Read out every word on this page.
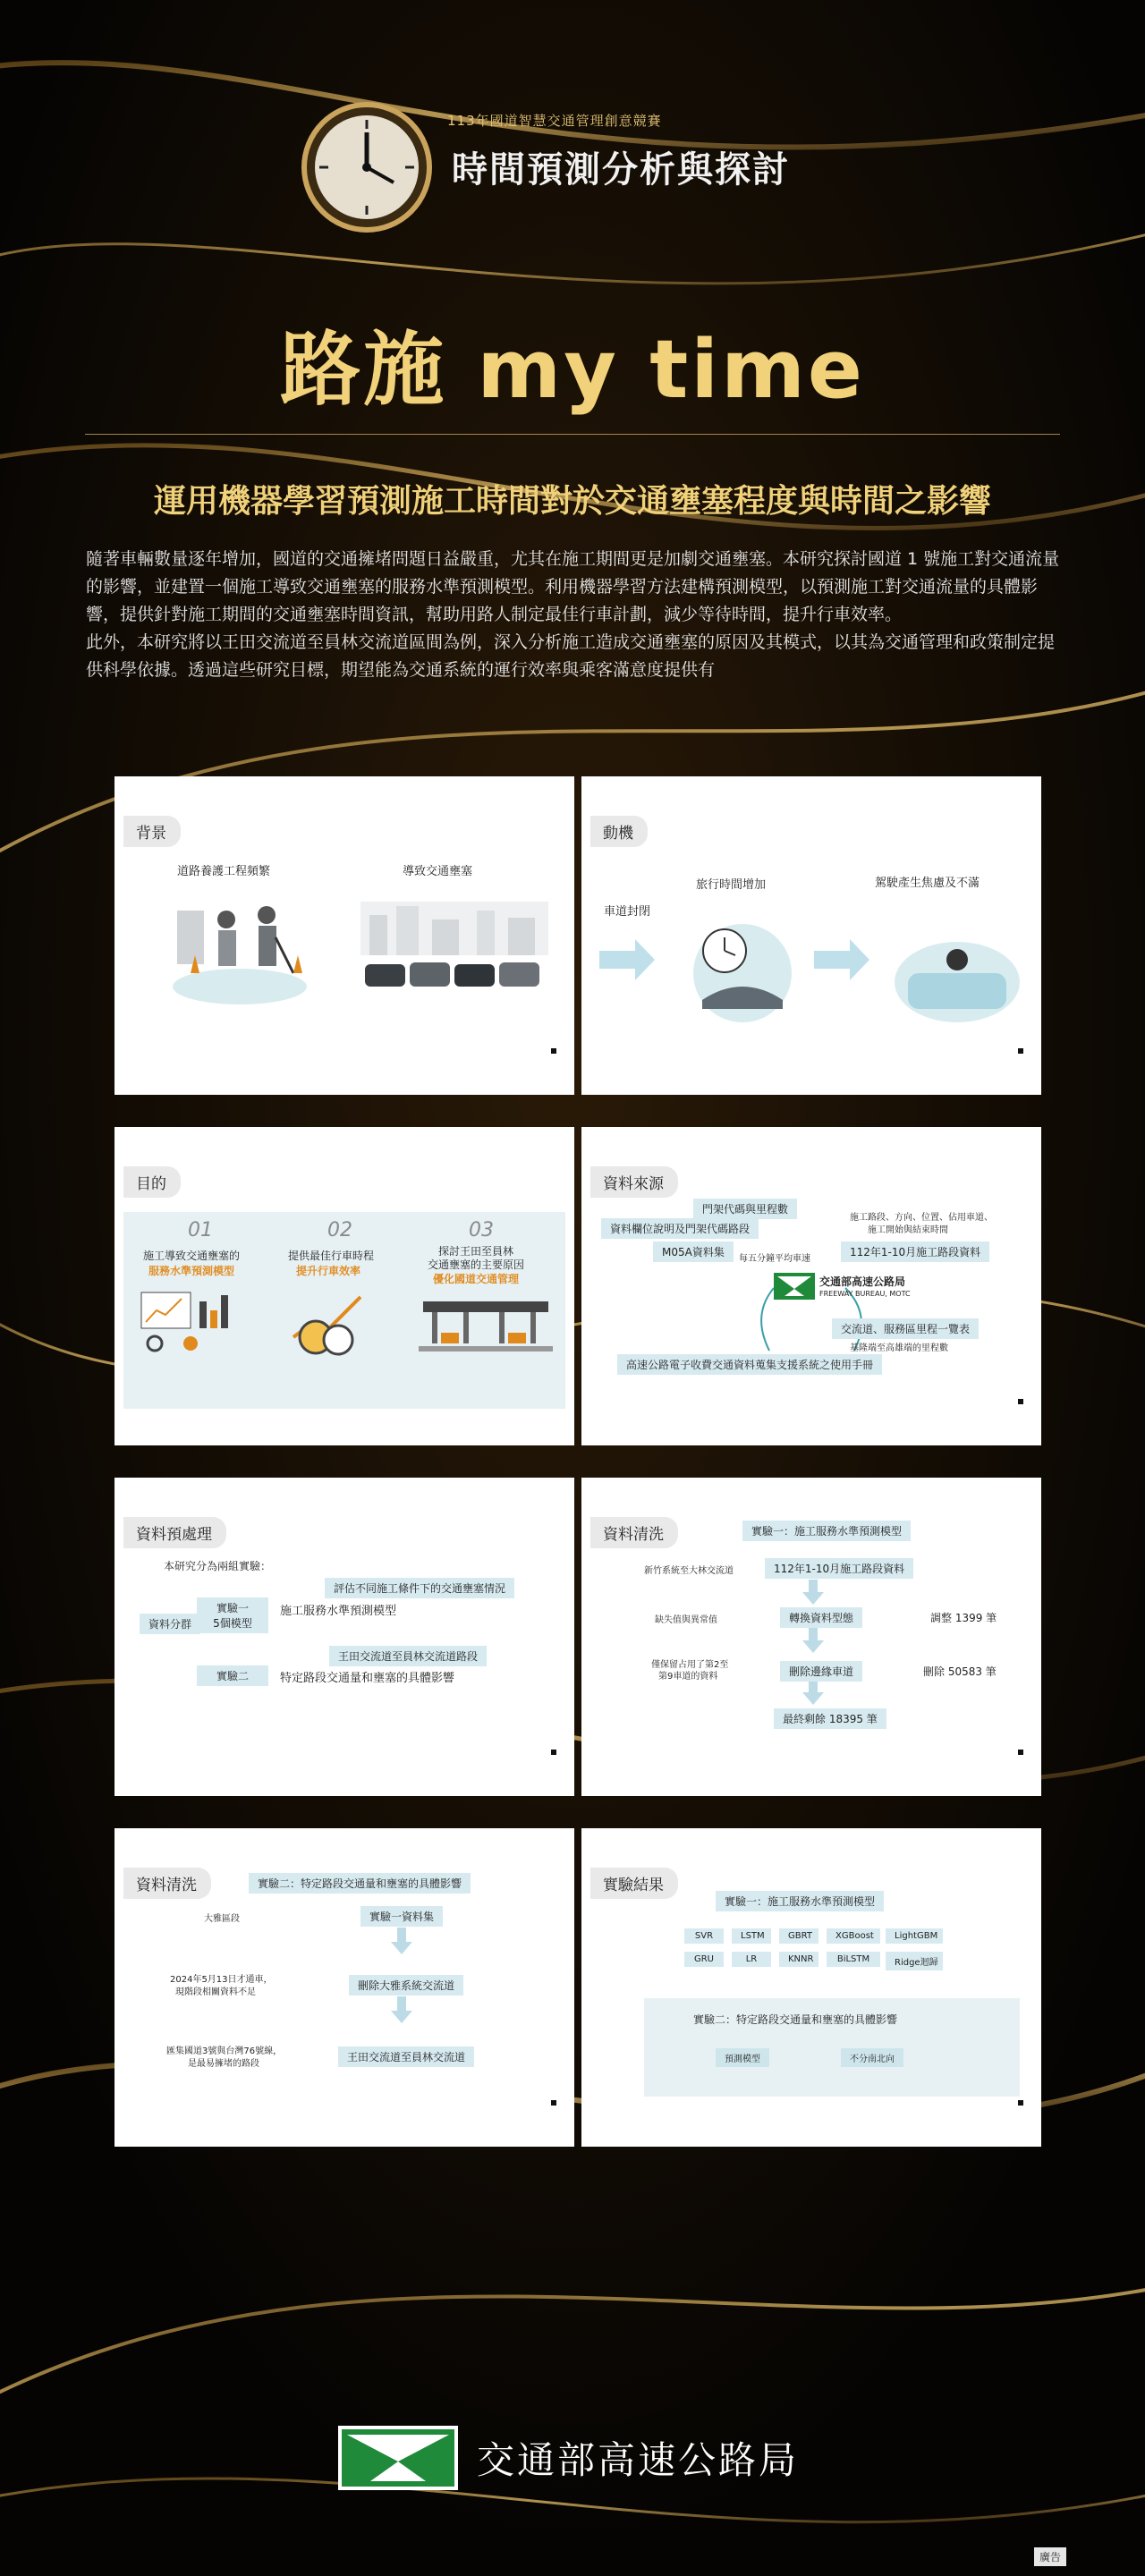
113年國道智慧交通管理創意競賽
時間預測分析與探討
路施 my time
運用機器學習預測施工時間對於交通壅塞程度與時間之影響

隨著車輛數量逐年增加，國道的交通擁堵問題日益嚴重，尤其在施工期間更是加劇交通壅塞。本研究探討國道 1 號施工對交通流量的影響，並建置一個施工導致交通壅塞的服務水準預測模型。利用機器學習方法建構預測模型，以預測施工對交通流量的具體影響，提供針對施工期間的交通壅塞時間資訊，幫助用路人制定最佳行車計劃，減少等待時間，提升行車效率。

此外，本研究將以王田交流道至員林交流道區間為例，深入分析施工造成交通壅塞的原因及其模式，以其為交通管理和政策制定提供科學依據。透過這些研究目標，期望能為交通系統的運行效率與乘客滿意度提供有

背景
道路養護工程頻繁	導致交通壅塞
動機
車道封閉
旅行時間增加	駕駛產生焦慮及不滿
目的
01
施工導致交通壅塞的
服務水準預測模型
02
提供最佳行車時程
提升行車效率
03
探討王田至員林
交通壅塞的主要原因
優化國道交通管理
資料來源
門架代碼與里程數
資料欄位說明及門架代碼路段
M05A資料集
每五分鐘平均車速
施工路段、方向、位置、佔用車道、
施工開始與結束時間
112年1-10月施工路段資料
交通部高速公路局
FREEWAY BUREAU, MOTC
交流道、服務區里程一覽表
基隆端至高雄端的里程數
高速公路電子收費交通資料蒐集支援系統之使用手冊
資料預處理
本研究分為兩組實驗：
評估不同施工條件下的交通壅塞情況
資料分群
實驗一
5個模型
施工服務水準預測模型
王田交流道至員林交流道路段
實驗二	特定路段交通量和壅塞的具體影響
資料清洗	實驗一：施工服務水準預測模型
新竹系統至大林交流道	112年1-10月施工路段資料
缺失值與異常值	轉換資料型態	調整 1399 筆
僅保留占用了第2至
第9車道的資料	刪除邊緣車道	刪除 50583 筆
最終剩餘 18395 筆
資料清洗	實驗二：特定路段交通量和壅塞的具體影響
大雅區段	實驗一資料集
2024年5月13日才通車，
現階段相關資料不足
刪除大雅系統交流道
匯集國道3號與台灣76號線，
是最易擁堵的路段
王田交流道至員林交流道
實驗結果
實驗一：施工服務水準預測模型
SVR	LSTM	GBRT	XGBoost	LightGBM
GRU	LR	KNNR	BiLSTM	Ridge迴歸
實驗二：特定路段交通量和壅塞的具體影響
預測模型	不分南北向
交通部高速公路局
廣告
